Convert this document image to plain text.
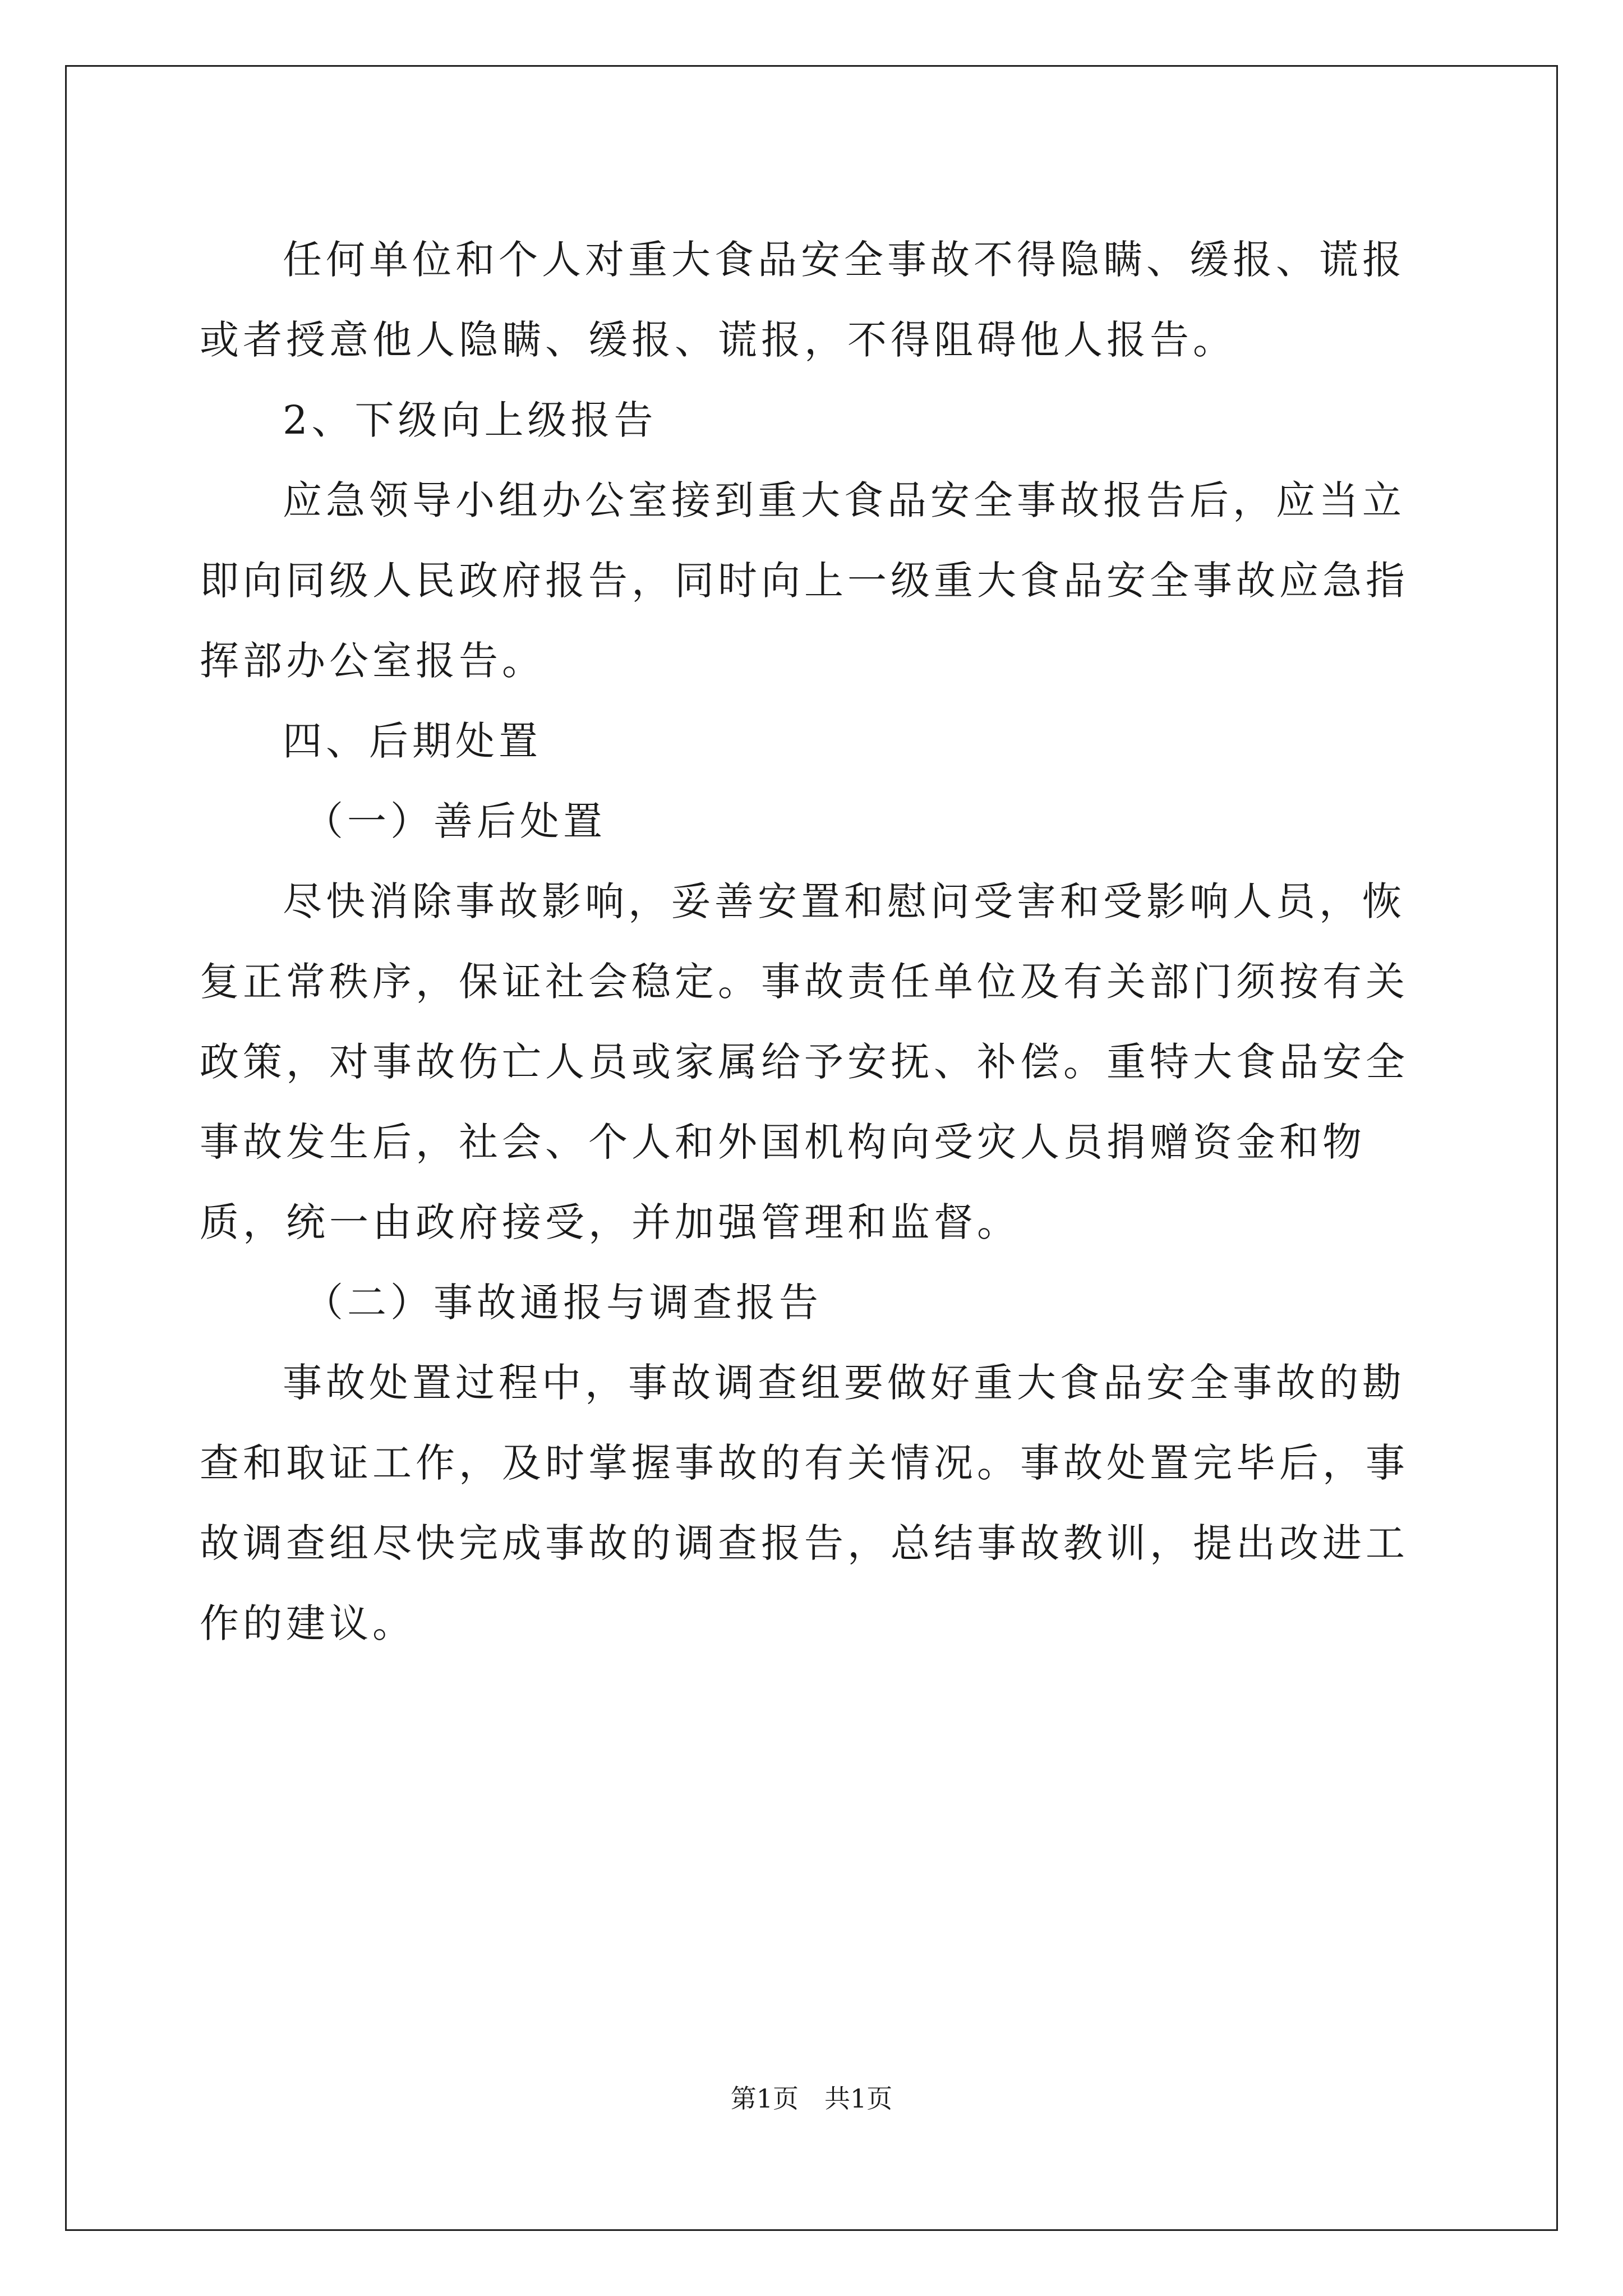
任何单位和个人对重大食品安全事故不得隐瞒、缓报、谎报或者授意他人隐瞒、缓报、谎报，不得阻碍他人报告。

2、下级向上级报告

应急领导小组办公室接到重大食品安全事故报告后，应当立即向同级人民政府报告，同时向上一级重大食品安全事故应急指挥部办公室报告。

四、后期处置

（一）善后处置

尽快消除事故影响，妥善安置和慰问受害和受影响人员，恢复正常秩序，保证社会稳定。事故责任单位及有关部门须按有关政策，对事故伤亡人员或家属给予安抚、补偿。重特大食品安全事故发生后，社会、个人和外国机构向受灾人员捐赠资金和物质，统一由政府接受，并加强管理和监督。

（二）事故通报与调查报告

事故处置过程中，事故调查组要做好重大食品安全事故的勘查和取证工作，及时掌握事故的有关情况。事故处置完毕后，事故调查组尽快完成事故的调查报告，总结事故教训，提出改进工作的建议。

第1页 共1页
